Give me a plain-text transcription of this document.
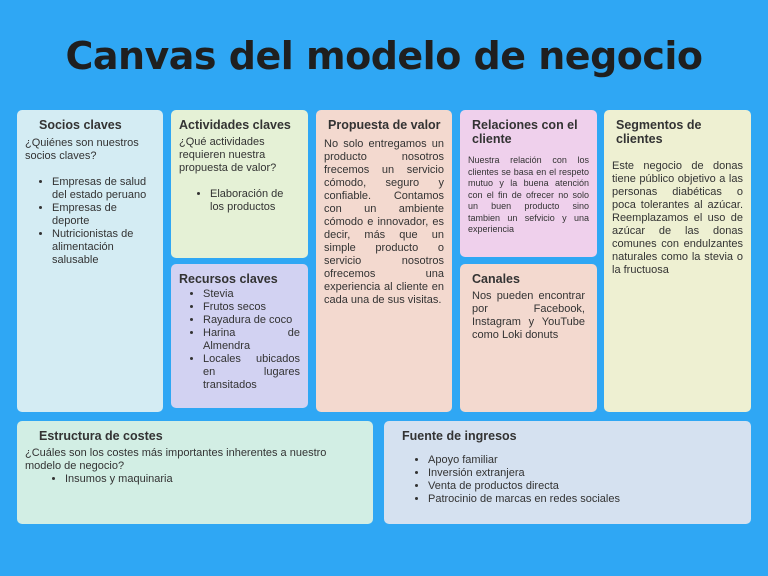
Canvas del modelo de negocio
Socios claves

¿Quiénes son nuestros socios claves?

• Empresas de salud del estado peruano
• Empresas de deporte
• Nutricionistas de alimentación salusable
Actividades claves

¿Qué actividades requieren nuestra propuesta de valor?

• Elaboración de los productos
Recursos claves
• Stevia
• Frutos secos
• Rayadura de coco
• Harina de Almendra
• Locales ubicados en lugares transitados
Propuesta de valor

No solo entregamos un producto nosotros frecemos un servicio cómodo, seguro y confiable. Contamos con un ambiente cómodo e innovador, es decir, más que un simple producto o servicio nosotros ofrecemos una experiencia al cliente en cada una de sus visitas.

Relaciones con el cliente

Nuestra relación con los clientes se basa en el respeto mutuo y la buena atención con el fin de ofrecer no solo un buen producto sino tambien un sefvicio y una experiencia

Canales

Nos pueden encontrar por Facebook, Instagram y YouTube como Loki donuts

Segmentos de clientes

Este negocio de donas tiene público objetivo a las personas diabéticas o poca tolerantes al azúcar. Reemplazamos el uso de azúcar de las donas comunes con endulzantes naturales como la stevia o la fructuosa

Estructura de costes

¿Cuáles son los costes más importantes inherentes a nuestro modelo de negocio?

• Insumos y maquinaria
Fuente de ingresos
• Apoyo familiar
• Inversión extranjera
• Venta de productos directa
• Patrocinio de marcas en redes sociales
